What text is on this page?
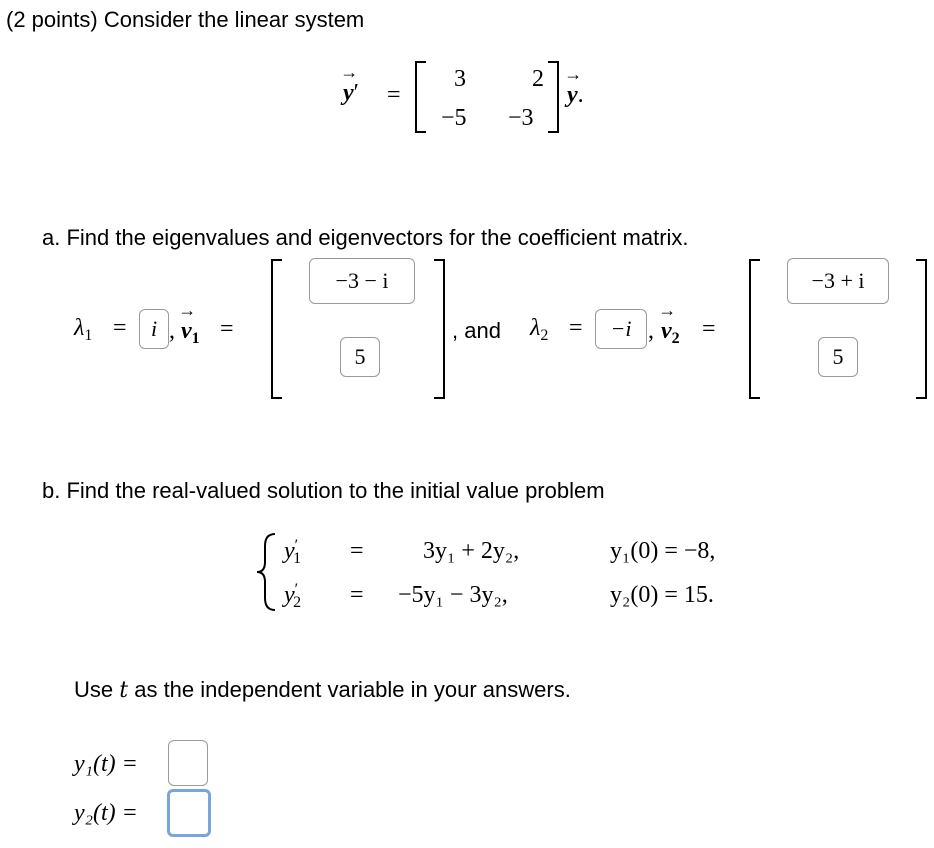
(2 points) Consider the linear system
→ y′ =
3	2
−5 −3
→ y.
a. Find the eigenvalues and eigenvectors for the coefficient matrix.
$\lambda_1$ =	i , → $v_1$ =
−3 − i
5
, and $\lambda_2$ =	−i , → $v_2$ =
−3 + i
5
b. Find the real-valued solution to the initial value problem
$y'_1 = 3y_1 + 2y_2$,	y₁(0) = −8,
$y'_2 = -5y_1 - 3y_2$,	y₂(0) = 15.
Use t as the independent variable in your answers.
y₁(t) =
y₂(t) =
